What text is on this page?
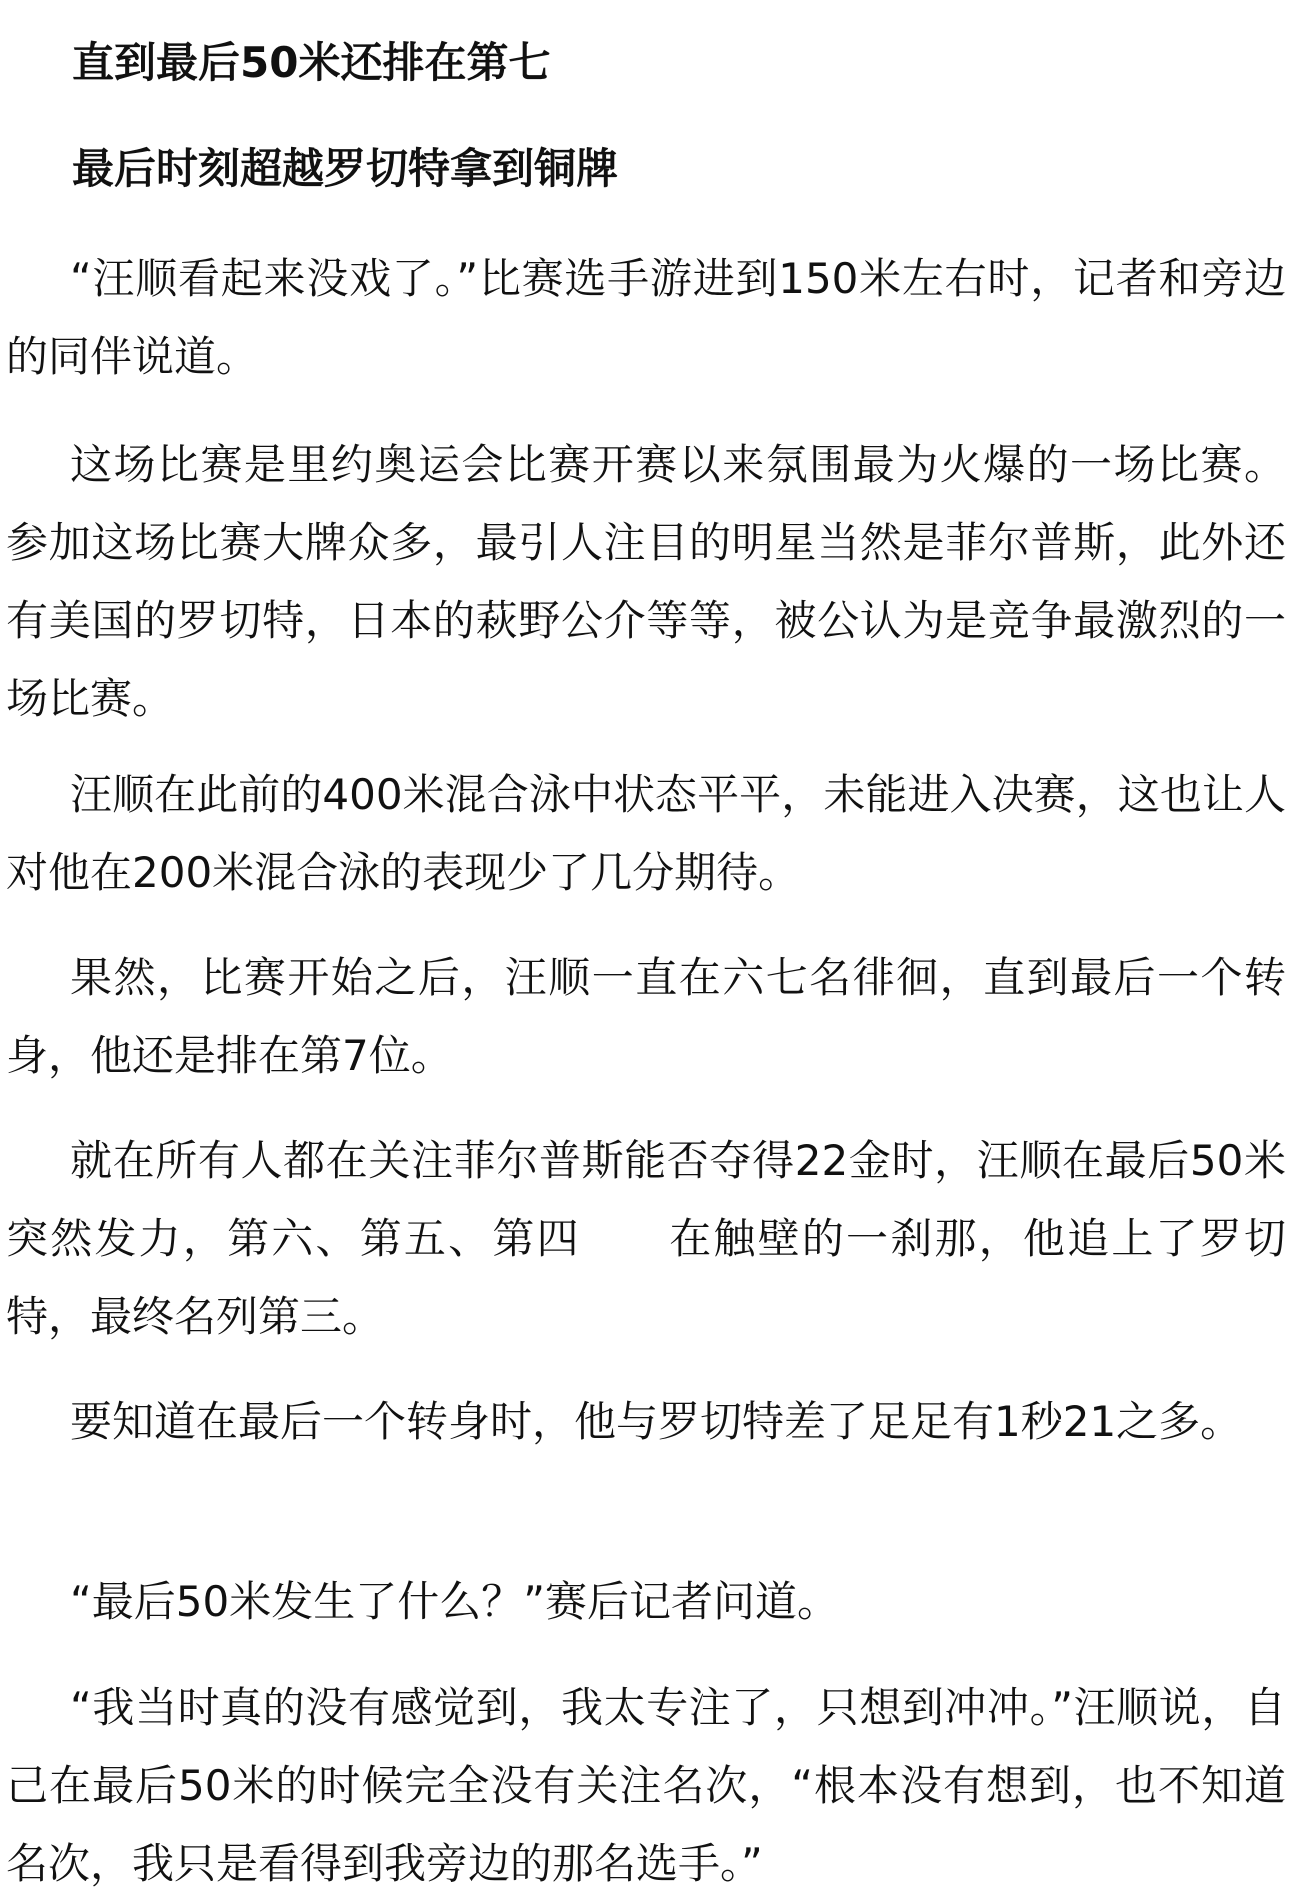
直到最后50米还排在第七
最后时刻超越罗切特拿到铜牌

“汪顺看起来没戏了。”比赛选手游进到150米左右时，记者和旁边的同伴说道。

这场比赛是里约奥运会比赛开赛以来氛围最为火爆的一场比赛。参加这场比赛大牌众多，最引人注目的明星当然是菲尔普斯，此外还有美国的罗切特，日本的萩野公介等等，被公认为是竞争最激烈的一场比赛。

汪顺在此前的400米混合泳中状态平平，未能进入决赛，这也让人对他在200米混合泳的表现少了几分期待。

果然，比赛开始之后，汪顺一直在六七名徘徊，直到最后一个转身，他还是排在第7位。

就在所有人都在关注菲尔普斯能否夺得22金时，汪顺在最后50米突然发力，第六、第五、第四　　在触壁的一刹那，他追上了罗切特，最终名列第三。

要知道在最后一个转身时，他与罗切特差了足足有1秒21之多。

“最后50米发生了什么？”赛后记者问道。

“我当时真的没有感觉到，我太专注了，只想到冲冲。”汪顺说，自己在最后50米的时候完全没有关注名次，“根本没有想到，也不知道名次，我只是看得到我旁边的那名选手。”
